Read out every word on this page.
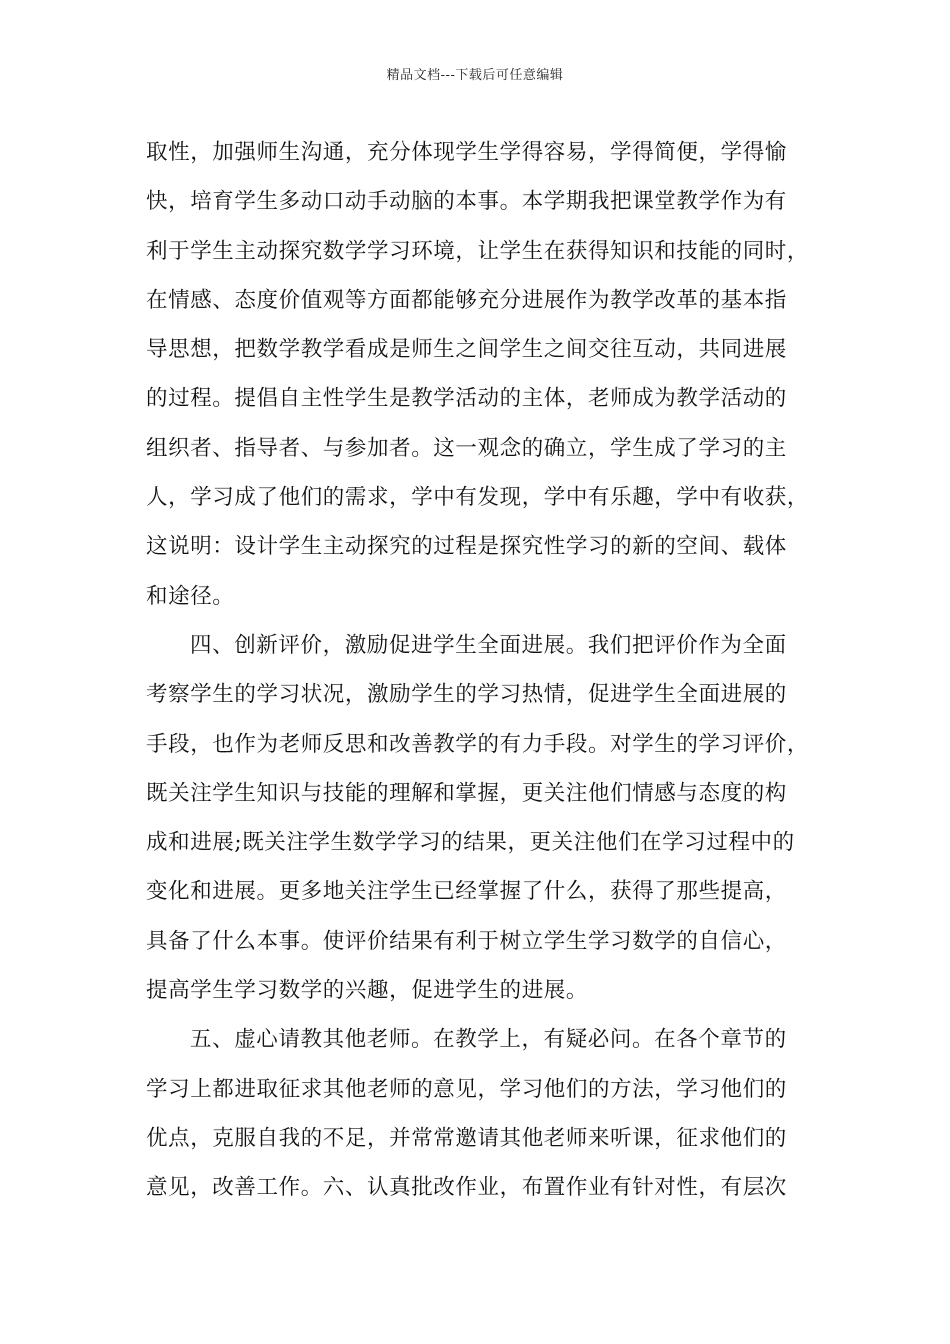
精品文档---下载后可任意编辑
取性，加强师生沟通，充分体现学生学得容易，学得简便，学得愉
快，培育学生多动口动手动脑的本事。本学期我把课堂教学作为有
利于学生主动探究数学学习环境，让学生在获得知识和技能的同时，
在情感、态度价值观等方面都能够充分进展作为教学改革的基本指
导思想，把数学教学看成是师生之间学生之间交往互动，共同进展
的过程。提倡自主性学生是教学活动的主体，老师成为教学活动的
组织者、指导者、与参加者。这一观念的确立，学生成了学习的主
人，学习成了他们的需求，学中有发现，学中有乐趣，学中有收获，
这说明：设计学生主动探究的过程是探究性学习的新的空间、载体
和途径。
四、创新评价，激励促进学生全面进展。我们把评价作为全面
考察学生的学习状况，激励学生的学习热情，促进学生全面进展的
手段，也作为老师反思和改善教学的有力手段。对学生的学习评价，
既关注学生知识与技能的理解和掌握，更关注他们情感与态度的构
成和进展;既关注学生数学学习的结果，更关注他们在学习过程中的
变化和进展。更多地关注学生已经掌握了什么，获得了那些提高，
具备了什么本事。使评价结果有利于树立学生学习数学的自信心，
提高学生学习数学的兴趣，促进学生的进展。
五、虚心请教其他老师。在教学上，有疑必问。在各个章节的
学习上都进取征求其他老师的意见，学习他们的方法，学习他们的
优点，克服自我的不足，并常常邀请其他老师来听课，征求他们的
意见，改善工作。六、认真批改作业，布置作业有针对性，有层次
